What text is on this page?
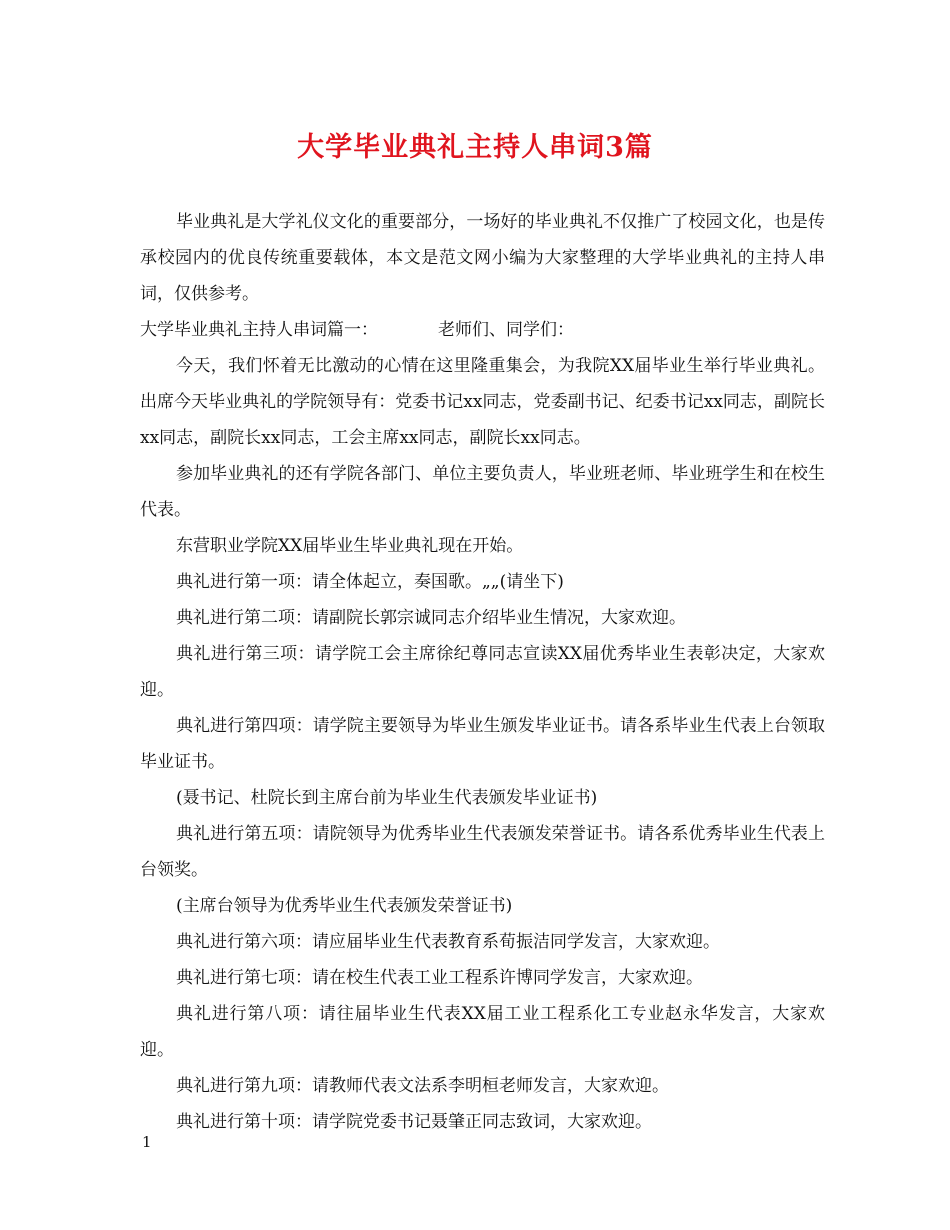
大学毕业典礼主持人串词3篇

毕业典礼是大学礼仪文化的重要部分，一场好的毕业典礼不仅推广了校园文化，也是传承校园内的优良传统重要载体，本文是范文网小编为大家整理的大学毕业典礼的主持人串词，仅供参考。

大学毕业典礼主持人串词篇一：	老师们、同学们：

今天，我们怀着无比激动的心情在这里隆重集会，为我院XX届毕业生举行毕业典礼。出席今天毕业典礼的学院领导有：党委书记xx同志，党委副书记、纪委书记xx同志，副院长xx同志，副院长xx同志，工会主席xx同志，副院长xx同志。

参加毕业典礼的还有学院各部门、单位主要负责人，毕业班老师、毕业班学生和在校生代表。

东营职业学院XX届毕业生毕业典礼现在开始。

典礼进行第一项：请全体起立，奏国歌。„„(请坐下)

典礼进行第二项：请副院长郭宗诚同志介绍毕业生情况，大家欢迎。

典礼进行第三项：请学院工会主席徐纪尊同志宣读XX届优秀毕业生表彰决定，大家欢迎。

典礼进行第四项：请学院主要领导为毕业生颁发毕业证书。请各系毕业生代表上台领取毕业证书。

(聂书记、杜院长到主席台前为毕业生代表颁发毕业证书)

典礼进行第五项：请院领导为优秀毕业生代表颁发荣誉证书。请各系优秀毕业生代表上台领奖。

(主席台领导为优秀毕业生代表颁发荣誉证书)

典礼进行第六项：请应届毕业生代表教育系荀振洁同学发言，大家欢迎。

典礼进行第七项：请在校生代表工业工程系许博同学发言，大家欢迎。

典礼进行第八项：请往届毕业生代表XX届工业工程系化工专业赵永华发言，大家欢迎。

典礼进行第九项：请教师代表文法系李明桓老师发言，大家欢迎。

典礼进行第十项：请学院党委书记聂肇正同志致词，大家欢迎。

1
